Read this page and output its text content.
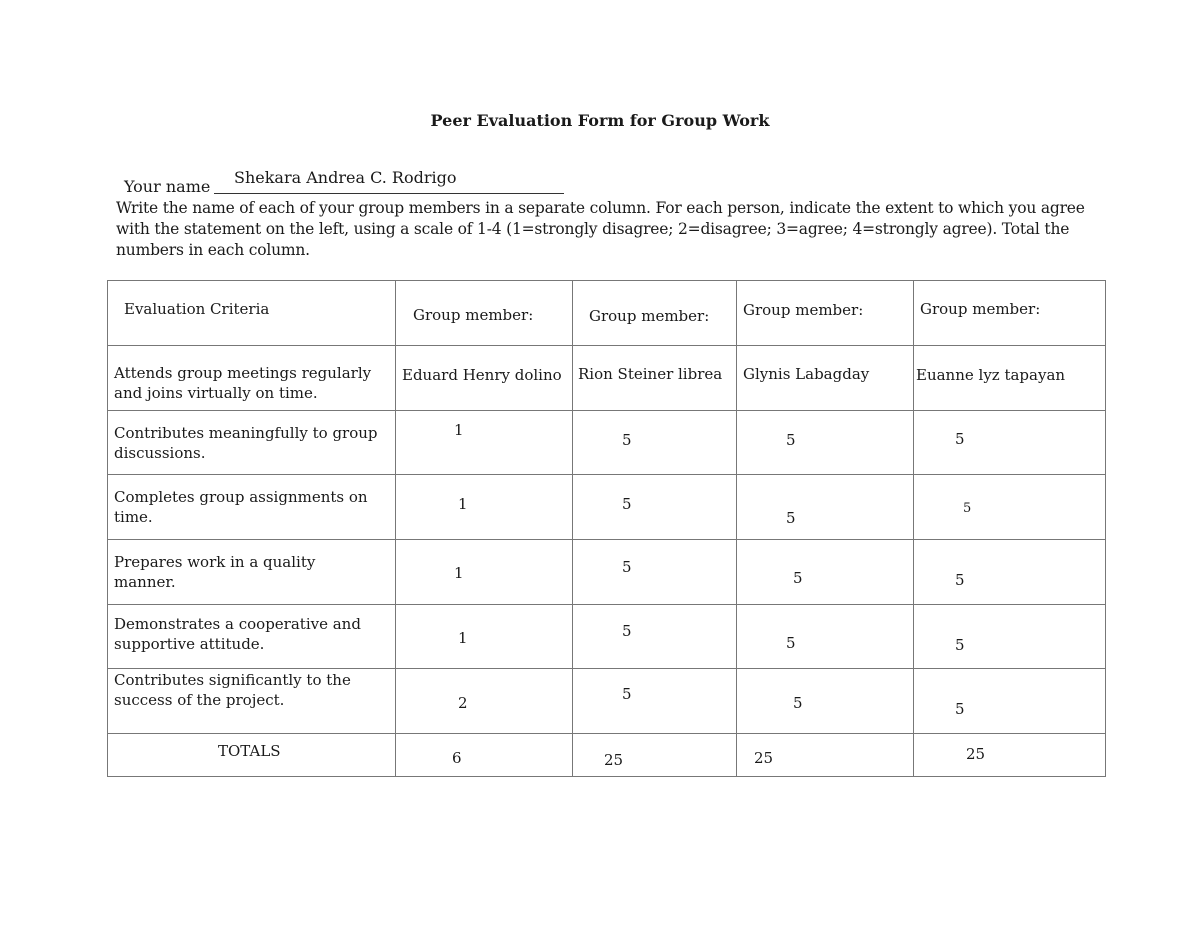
Peer Evaluation Form for Group Work
Your name Shekara Andrea C. Rodrigo
Write the name of each of your group members in a separate column. For each person, indicate the extent to which you agree with the statement on the left, using a scale of 1-4 (1=strongly disagree; 2=disagree; 3=agree; 4=strongly agree). Total the numbers in each column.
Evaluation Criteria	Group member:	Group member:	Group member:	Group member:

Attends group meetings regularly and joins virtually on time.	Eduard Henry dolino	Rion Steiner librea	Glynis Labagday	Euanne lyz tapayan

Contributes meaningfully to group discussions.	1	5	5	5

Completes group assignments on time.	1	5	5	5

Prepares work in a quality manner.	1	5	5	5

Demonstrates a cooperative and supportive attitude.	1	5	5	5

Contributes significantly to the success of the project.	2	5	5	5

TOTALS	6	25	25	25
